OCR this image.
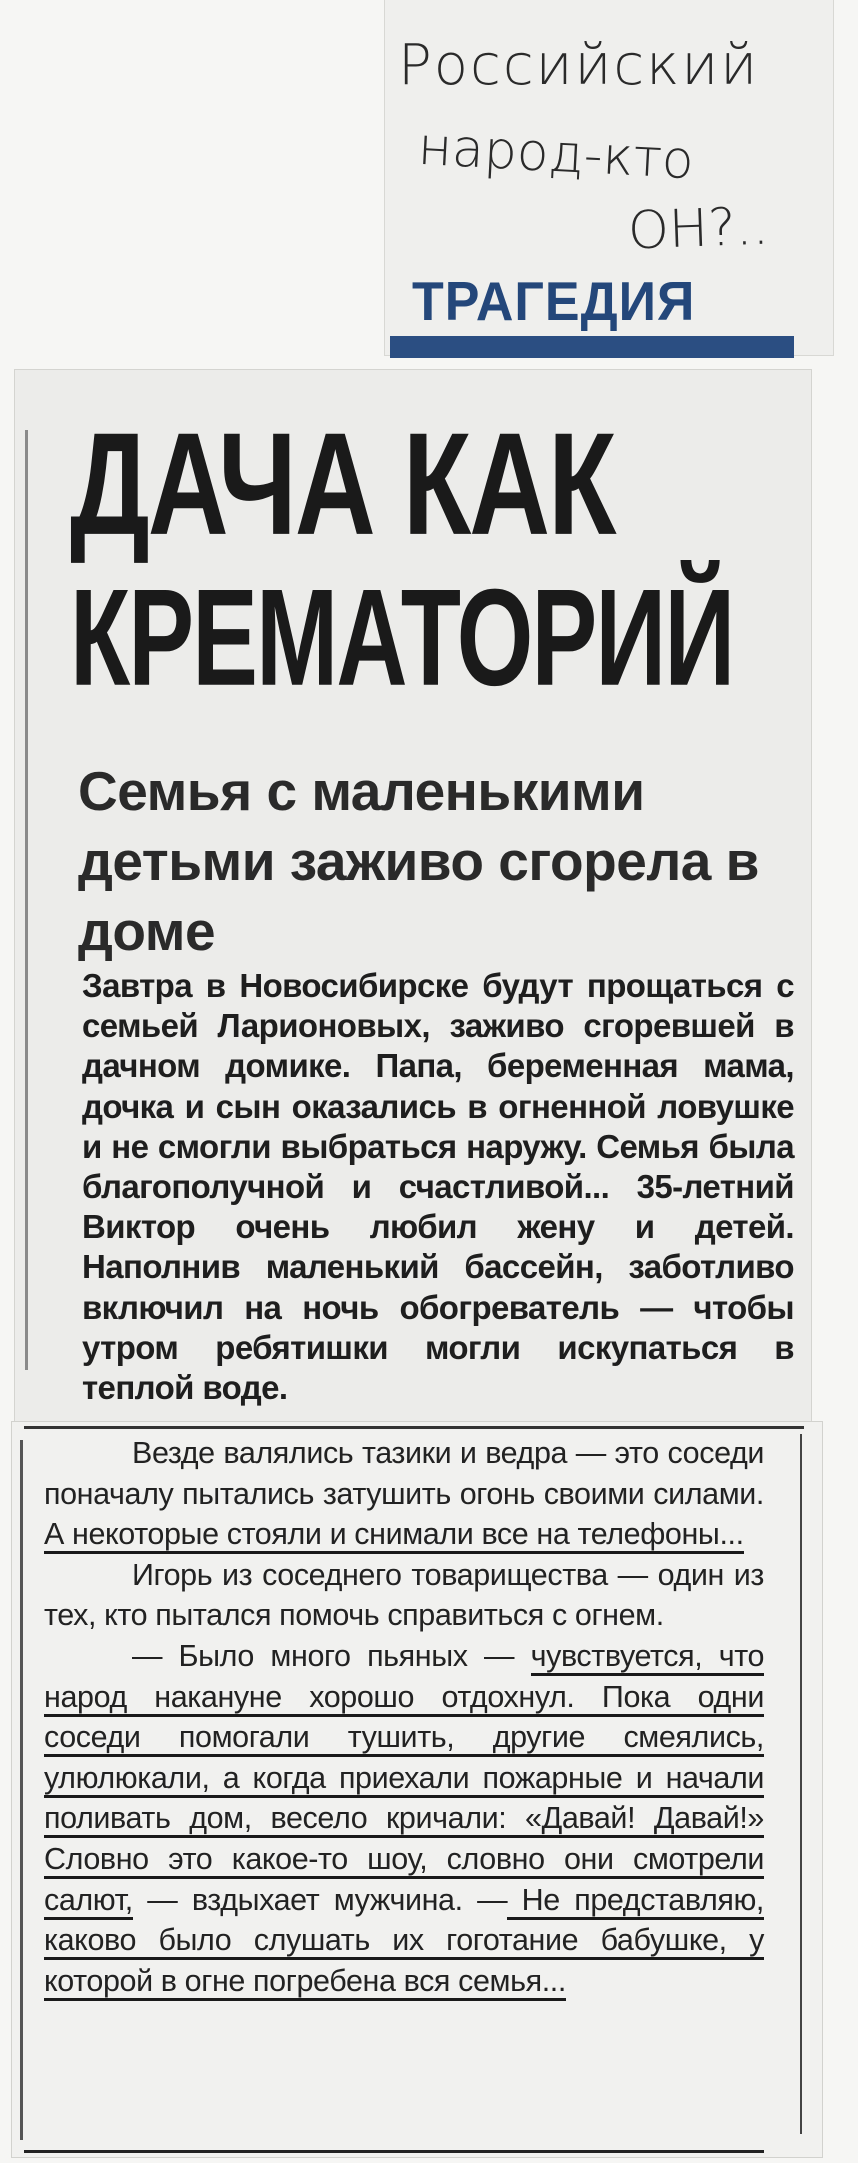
Российский
народ-кто
ОН?..
ТРАГЕДИЯ
ДАЧА КАК
КРЕМАТОРИЙ
Семья с маленькими детьми заживо сгорела в доме
Завтра в Новосибирске будут прощаться с семьей Ларионовых, заживо сгоревшей в дачном домике. Папа, беременная мама, дочка и сын оказались в огненной ловушке и не смогли выбраться наружу. Семья была благополучной и счастливой... 35-летний Виктор очень любил жену и детей. Наполнив маленький бассейн, заботливо включил на ночь обогреватель — чтобы утром ребятишки могли искупаться в теплой воде.

Везде валялись тазики и ведра — это соседи поначалу пытались затушить огонь своими силами. А некоторые стояли и снимали все на телефоны...

Игорь из соседнего товарищества — один из тех, кто пытался помочь справиться с огнем.

— Было много пьяных — чувствуется, что народ накануне хорошо отдохнул. Пока одни соседи помогали тушить, другие смеялись, улюлюкали, а когда приехали пожарные и начали поливать дом, весело кричали: «Давай! Давай!» Словно это какое-то шоу, словно они смотрели салют, — вздыхает мужчина. — Не представляю, каково было слушать их гоготание бабушке, у которой в огне погребена вся семья...
